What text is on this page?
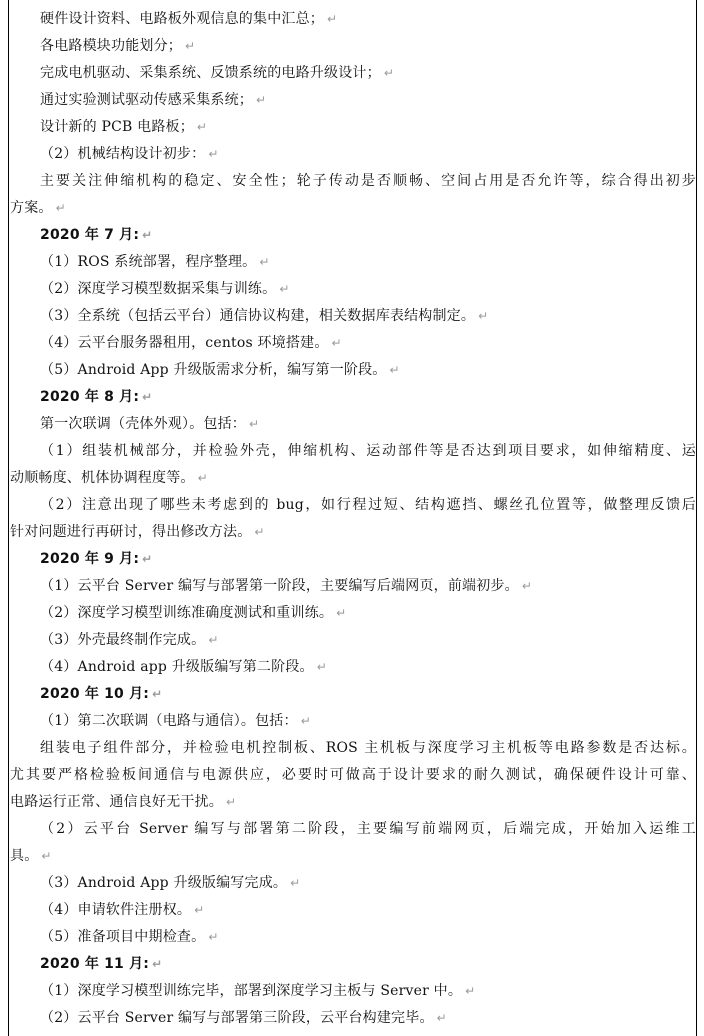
硬件设计资料、电路板外观信息的集中汇总； ↵
各电路模块功能划分； ↵
完成电机驱动、采集系统、反馈系统的电路升级设计； ↵
通过实验测试驱动传感采集系统； ↵
设计新的 PCB 电路板； ↵
（2）机械结构设计初步： ↵
主要关注伸缩机构的稳定、安全性；轮子传动是否顺畅、空间占用是否允许等，综合得出初步
方案。 ↵
2020 年 7 月: ↵
（1）ROS 系统部署，程序整理。 ↵
（2）深度学习模型数据采集与训练。 ↵
（3）全系统（包括云平台）通信协议构建，相关数据库表结构制定。 ↵
（4）云平台服务器租用，centos 环境搭建。 ↵
（5）Android App 升级版需求分析，编写第一阶段。 ↵
2020 年 8 月: ↵
第一次联调（壳体外观）。包括： ↵
（1）组装机械部分，并检验外壳，伸缩机构、运动部件等是否达到项目要求，如伸缩精度、运
动顺畅度、机体协调程度等。 ↵
（2）注意出现了哪些未考虑到的 bug，如行程过短、结构遮挡、螺丝孔位置等，做整理反馈后
针对问题进行再研讨，得出修改方法。 ↵
2020 年 9 月: ↵
（1）云平台 Server 编写与部署第一阶段，主要编写后端网页，前端初步。 ↵
（2）深度学习模型训练准确度测试和重训练。 ↵
（3）外壳最终制作完成。 ↵
（4）Android app 升级版编写第二阶段。 ↵
2020 年 10 月: ↵
（1）第二次联调（电路与通信）。包括： ↵
组装电子组件部分，并检验电机控制板、ROS 主机板与深度学习主机板等电路参数是否达标。
尤其要严格检验板间通信与电源供应，必要时可做高于设计要求的耐久测试，确保硬件设计可靠、
电路运行正常、通信良好无干扰。 ↵
（2）云平台 Server 编写与部署第二阶段，主要编写前端网页，后端完成，开始加入运维工
具。 ↵
（3）Android App 升级版编写完成。 ↵
（4）申请软件注册权。 ↵
（5）准备项目中期检查。 ↵
2020 年 11 月: ↵
（1）深度学习模型训练完毕，部署到深度学习主板与 Server 中。 ↵
（2）云平台 Server 编写与部署第三阶段，云平台构建完毕。 ↵
